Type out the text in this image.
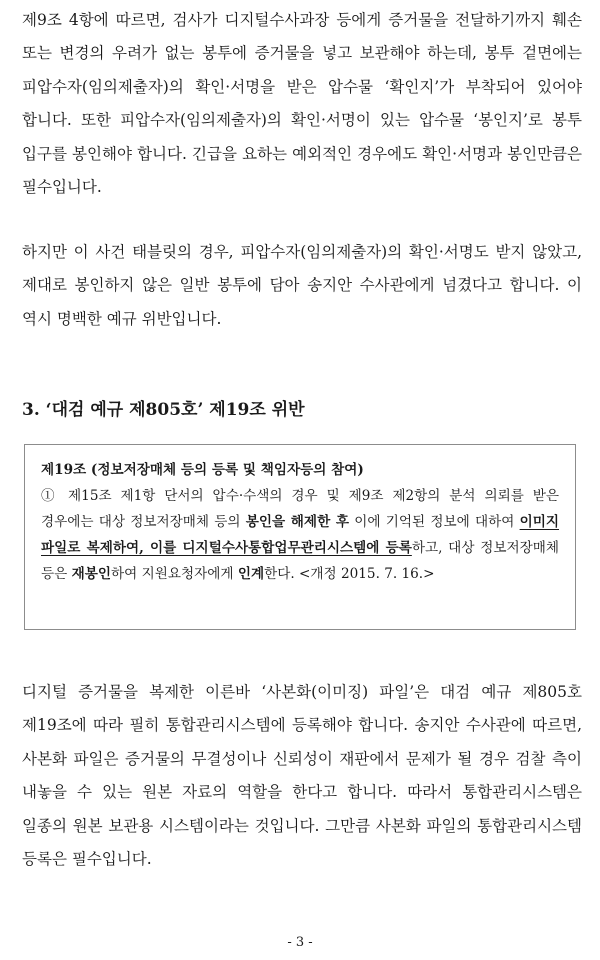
제9조 4항에 따르면, 검사가 디지털수사과장 등에게 증거물을 전달하기까지 훼손 또는 변경의 우려가 없는 봉투에 증거물을 넣고 보관해야 하는데, 봉투 겉면에는 피압수자(임의제출자)의 확인·서명을 받은 압수물 ‘확인지’가 부착되어 있어야 합니다. 또한 피압수자(임의제출자)의 확인·서명이 있는 압수물 ‘봉인지’로 봉투 입구를 봉인해야 합니다. 긴급을 요하는 예외적인 경우에도 확인·서명과 봉인만큼은 필수입니다.

하지만 이 사건 태블릿의 경우, 피압수자(임의제출자)의 확인·서명도 받지 않았고, 제대로 봉인하지 않은 일반 봉투에 담아 송지안 수사관에게 넘겼다고 합니다. 이 역시 명백한 예규 위반입니다.

3. ‘대검 예규 제805호’ 제19조 위반

제19조 (정보저장매체 등의 등록 및 책임자등의 참여)

① 제15조 제1항 단서의 압수·수색의 경우 및 제9조 제2항의 분석 의뢰를 받은 경우에는 대상 정보저장매체 등의 봉인을 해제한 후 이에 기억된 정보에 대하여 이미지 파일로 복제하여, 이를 디지털수사통합업무관리시스템에 등록하고, 대상 정보저장매체 등은 재봉인하여 지원요청자에게 인계한다. <개정 2015. 7. 16.>

디지털 증거물을 복제한 이른바 ‘사본화(이미징) 파일’은 대검 예규 제805호 제19조에 따라 필히 통합관리시스템에 등록해야 합니다. 송지안 수사관에 따르면, 사본화 파일은 증거물의 무결성이나 신뢰성이 재판에서 문제가 될 경우 검찰 측이 내놓을 수 있는 원본 자료의 역할을 한다고 합니다. 따라서 통합관리시스템은 일종의 원본 보관용 시스템이라는 것입니다. 그만큼 사본화 파일의 통합관리시스템 등록은 필수입니다.

- 3 -
